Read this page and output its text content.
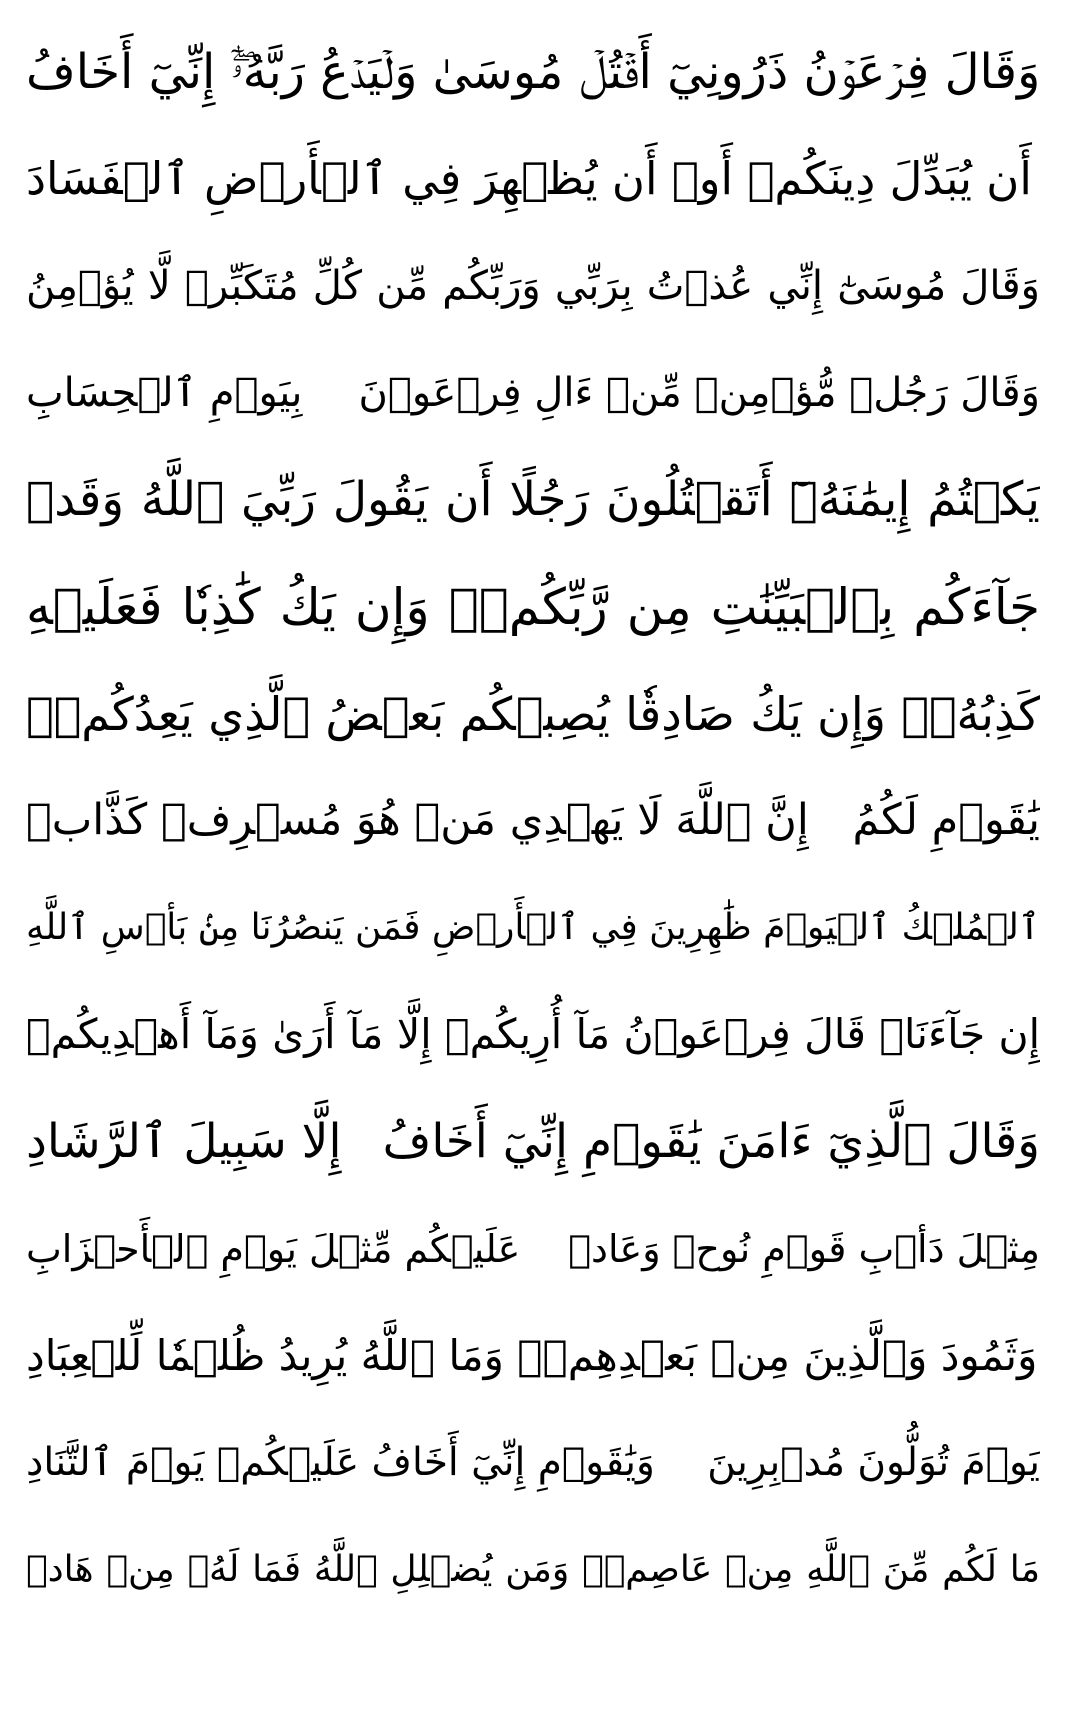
وَقَالَ فِرۡعَوۡنُ ذَرُونِيٓ أَقۡتُلۡ مُوسَىٰ وَلۡيَدۡعُ رَبَّهُۥٓۖ إِنِّيٓ أَخَافُ
أَن يُبَدِّلَ دِينَكُمۡ أَوۡ أَن يُظۡهِرَ فِي ٱلۡأَرۡضِ ٱلۡفَسَادَ
وَقَالَ مُوسَىٰٓ إِنِّي عُذۡتُ بِرَبِّي وَرَبِّكُم مِّن كُلِّ مُتَكَبِّرٖ لَّا يُؤۡمِنُ
بِيَوۡمِ ٱلۡحِسَابِ وَقَالَ رَجُلٞ مُّؤۡمِنٞ مِّنۡ ءَالِ فِرۡعَوۡنَ
يَكۡتُمُ إِيمَٰنَهُۥٓ أَتَقۡتُلُونَ رَجُلًا أَن يَقُولَ رَبِّيَ ٱللَّهُ وَقَدۡ
جَآءَكُم بِٱلۡبَيِّنَٰتِ مِن رَّبِّكُمۡۖ وَإِن يَكُ كَٰذِبٗا فَعَلَيۡهِ
كَذِبُهُۥۖ وَإِن يَكُ صَادِقٗا يُصِبۡكُم بَعۡضُ ٱلَّذِي يَعِدُكُمۡۖ
إِنَّ ٱللَّهَ لَا يَهۡدِي مَنۡ هُوَ مُسۡرِفٞ كَذَّابٞ يَٰقَوۡمِ لَكُمُ
ٱلۡمُلۡكُ ٱلۡيَوۡمَ ظَٰهِرِينَ فِي ٱلۡأَرۡضِ فَمَن يَنصُرُنَا مِنۢ بَأۡسِ ٱللَّهِ
إِن جَآءَنَاۚ قَالَ فِرۡعَوۡنُ مَآ أُرِيكُمۡ إِلَّا مَآ أَرَىٰ وَمَآ أَهۡدِيكُمۡ
إِلَّا سَبِيلَ ٱلرَّشَادِ وَقَالَ ٱلَّذِيٓ ءَامَنَ يَٰقَوۡمِ إِنِّيٓ أَخَافُ
عَلَيۡكُم مِّثۡلَ يَوۡمِ ٱلۡأَحۡزَابِ مِثۡلَ دَأۡبِ قَوۡمِ نُوحٖ وَعَادٖ
وَثَمُودَ وَٱلَّذِينَ مِنۢ بَعۡدِهِمۡۚ وَمَا ٱللَّهُ يُرِيدُ ظُلۡمٗا لِّلۡعِبَادِ
وَيَٰقَوۡمِ إِنِّيٓ أَخَافُ عَلَيۡكُمۡ يَوۡمَ ٱلتَّنَادِ يَوۡمَ تُوَلُّونَ مُدۡبِرِينَ
مَا لَكُم مِّنَ ٱللَّهِ مِنۡ عَاصِمٖۗ وَمَن يُضۡلِلِ ٱللَّهُ فَمَا لَهُۥ مِنۡ هَادٖ
